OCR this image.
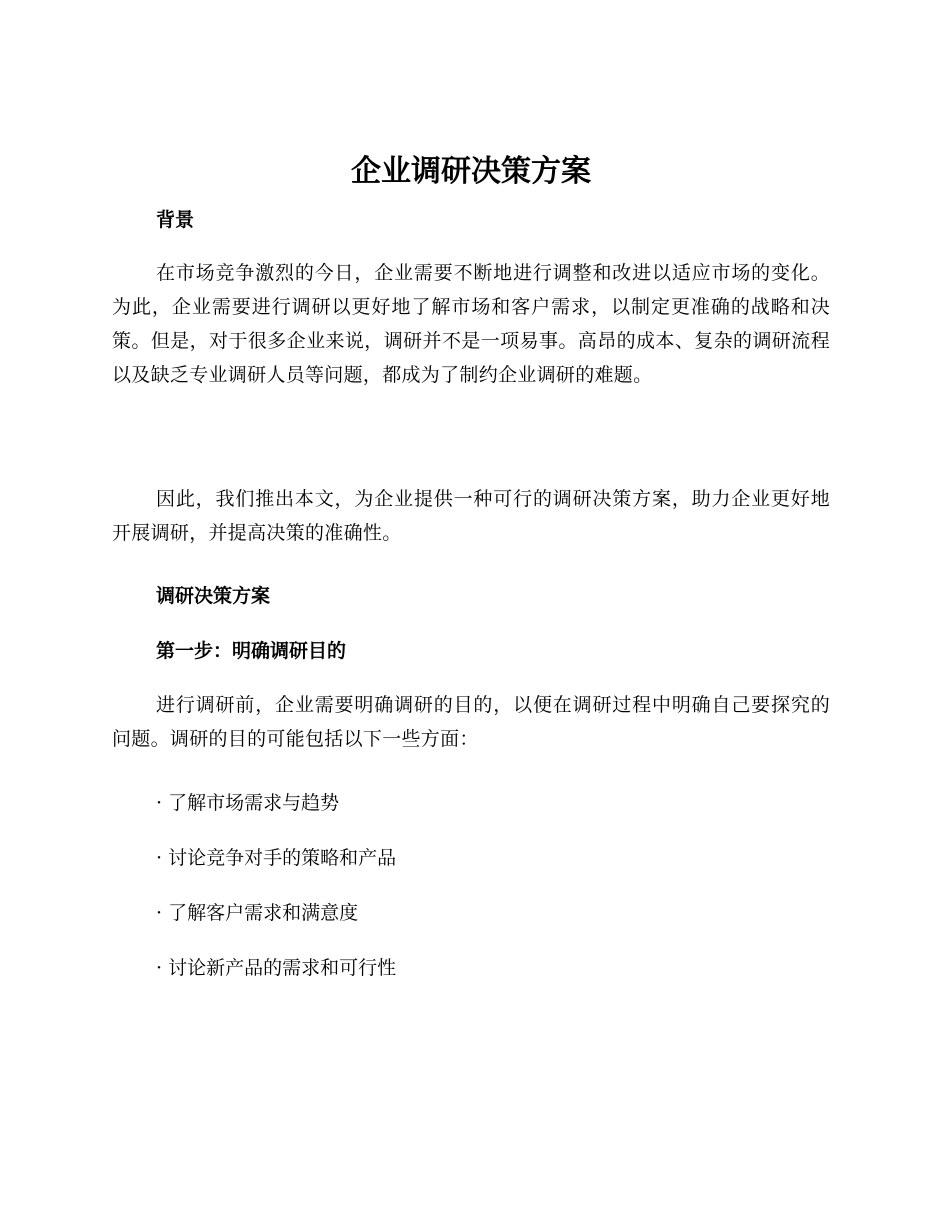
企业调研决策方案
背景

在市场竞争激烈的今日，企业需要不断地进行调整和改进以适应市场的变化。为此，企业需要进行调研以更好地了解市场和客户需求，以制定更准确的战略和决策。但是，对于很多企业来说，调研并不是一项易事。高昂的成本、复杂的调研流程以及缺乏专业调研人员等问题，都成为了制约企业调研的难题。

因此，我们推出本文，为企业提供一种可行的调研决策方案，助力企业更好地开展调研，并提高决策的准确性。

调研决策方案
第一步：明确调研目的

进行调研前，企业需要明确调研的目的，以便在调研过程中明确自己要探究的问题。调研的目的可能包括以下一些方面：

· 了解市场需求与趋势

· 讨论竞争对手的策略和产品

· 了解客户需求和满意度

· 讨论新产品的需求和可行性
